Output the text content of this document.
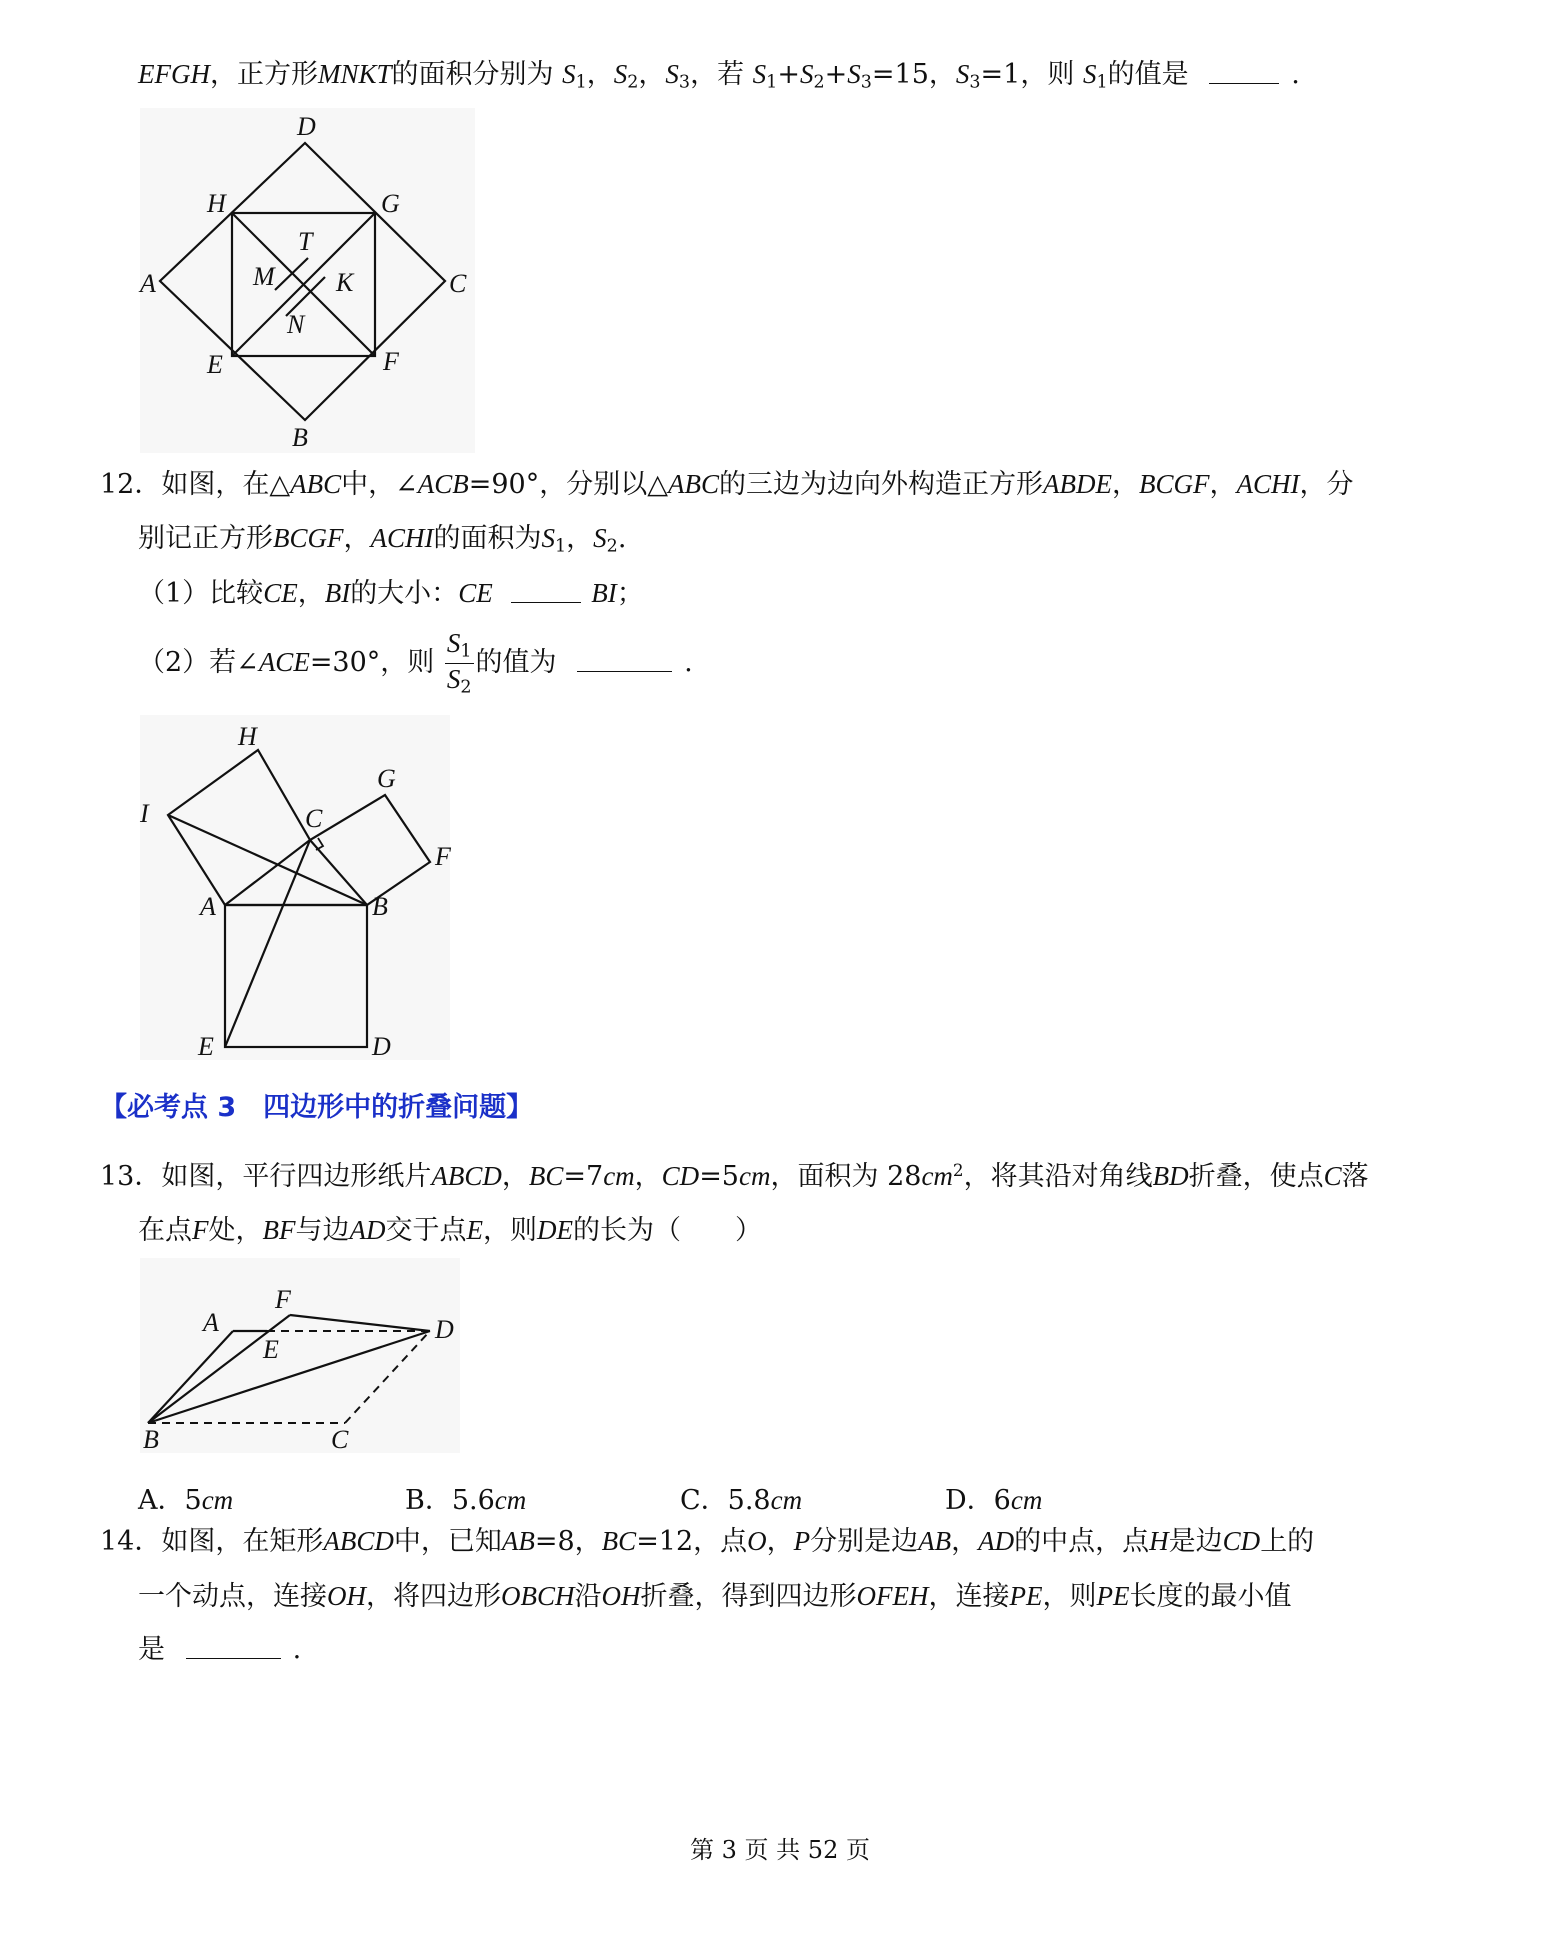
EFGH，正方形MNKT的面积分别为 $S_1$，$S_2$，$S_3$，若 $S_1+S_2+S_3=15$，$S_3=1$，则 $S_1$的值是	.
D
H	G
T
A	M K	C
N
E	F
B
12．如图，在△ABC中，∠ACB=90°，分别以△ABC的三边为边向外构造正方形ABDE，BCGF，ACHI，分
别记正方形BCGF，ACHI的面积为$S_1$，$S_2$.
（1）比较CE，BI的大小：CE	BI；
（2）若∠ACE=30°，则 $\frac{S_1}{S_2}$ 的值为	.
H
G
I	C
F
A	B
E	D
【必考点 3　四边形中的折叠问题】
13．如图，平行四边形纸片ABCD，BC=7cm，CD=5cm，面积为 $28cm^2$，将其沿对角线BD折叠，使点C落
在点F处，BF与边AD交于点E，则DE的长为（　　）
F
A	D
E
B	C
A．5cm	B．5.6cm	C．5.8cm	D．6cm
14．如图，在矩形ABCD中，已知AB=8，BC=12，点O，P分别是边AB，AD的中点，点H是边CD上的
一个动点，连接OH，将四边形OBCH沿OH折叠，得到四边形OFEH，连接PE，则PE长度的最小值
是	.
第 3 页 共 52 页
